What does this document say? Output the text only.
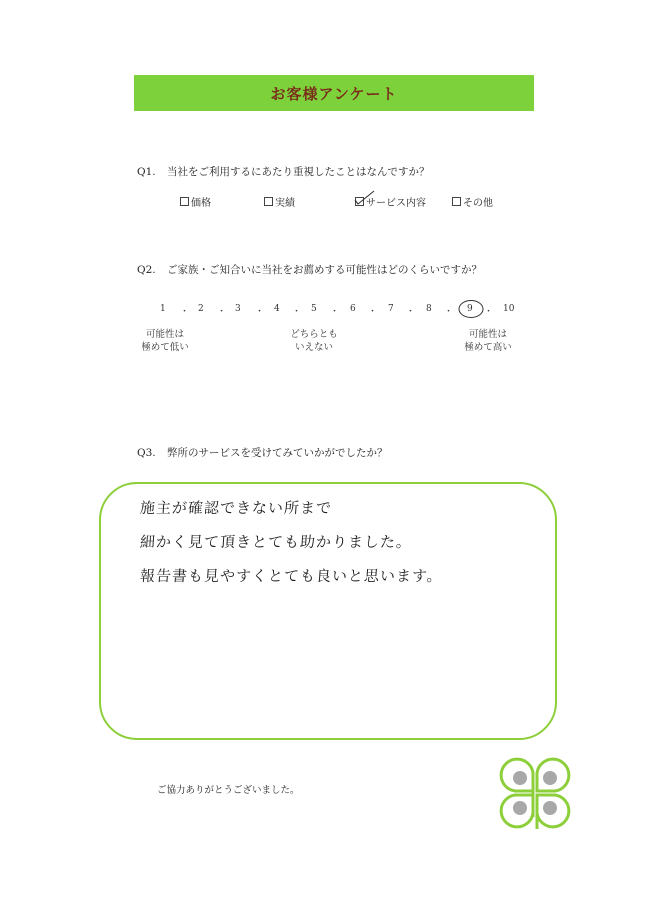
お客様アンケート
Q1. 当社をご利用するにあたり重視したことはなんですか？
価格	実績	サービス内容	その他
Q2. ご家族・ご知合いに当社をお薦めする可能性はどのくらいですか？
1 ・ 2 ・ 3 ・ 4 ・ 5 ・ 6 ・ 7 ・ 8 ・ 9 ・ 10
可能性は
極めて低い
どちらとも
いえない
可能性は
極めて高い
Q3. 弊所のサービスを受けてみていかがでしたか？
施主が確認できない所まで
細かく見て頂きとても助かりました。
報告書も見やすくとても良いと思います。
ご協力ありがとうございました。
